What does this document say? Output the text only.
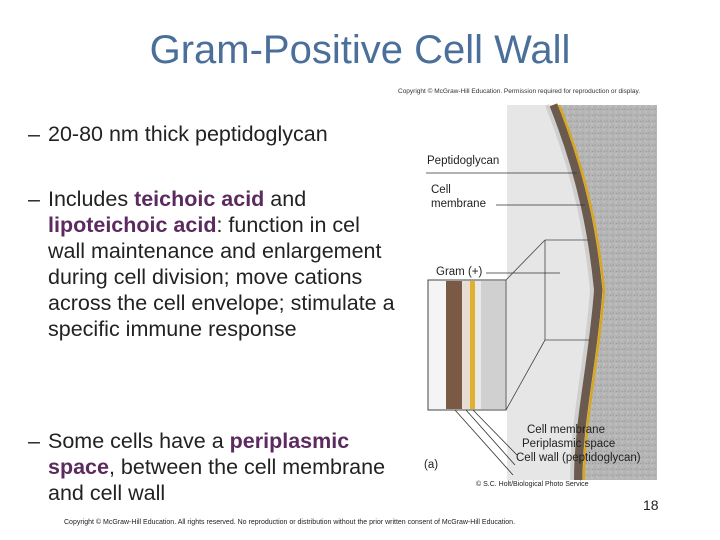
Gram-Positive Cell Wall
– 20-80 nm thick peptidoglycan
– Includes teichoic acid and lipoteichoic acid: function in cel wall maintenance and enlargement during cell division; move cations across the cell envelope; stimulate a specific immune response
– Some cells have a periplasmic space, between the cell membrane and cell wall
Copyright © McGraw-Hill Education. Permission required for reproduction or display.
Peptidoglycan
Cell
membrane
Gram (+)
Cell membrane
Periplasmic space
Cell wall (peptidoglycan)
(a)
© S.C. Holt/Biological Photo Service
18
Copyright © McGraw-Hill Education. All rights reserved. No reproduction or distribution without the prior written consent of McGraw-Hill Education.
